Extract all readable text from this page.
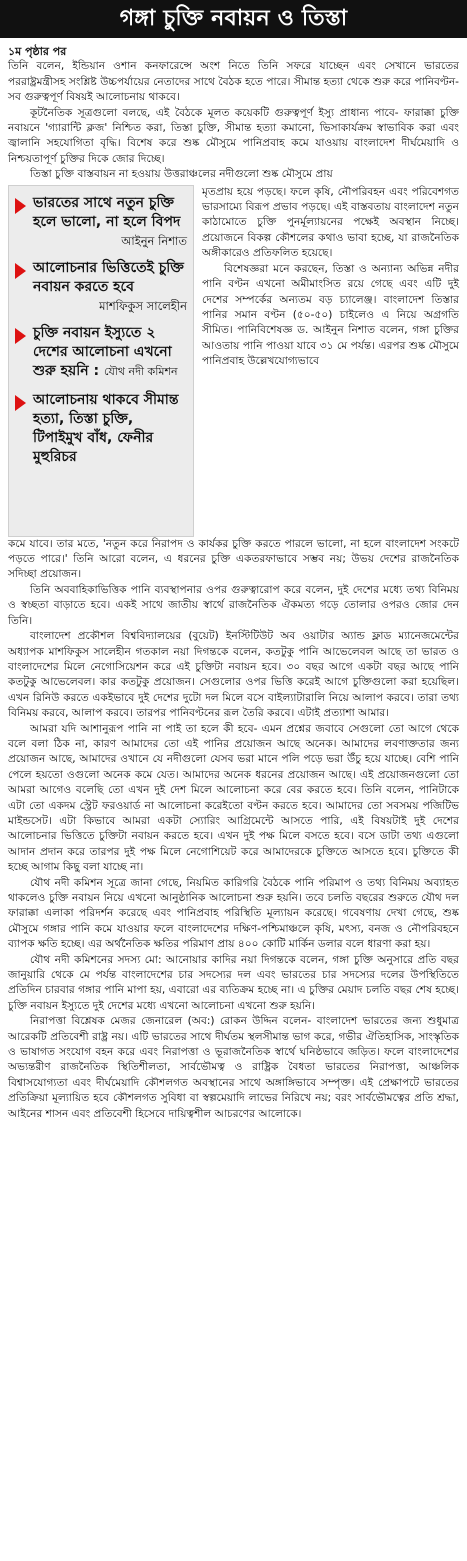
গঙ্গা চুক্তি নবায়ন ও তিস্তা
১ম পৃষ্ঠার পর

তিনি বলেন, ইন্ডিয়ান ওশান কনফারেন্সে অংশ নিতে তিনি সফরে যাচ্ছেন এবং সেখানে ভারতের পররাষ্ট্রমন্ত্রীসহ সংশ্লিষ্ট উচ্চপর্যায়ের নেতাদের সাথে বৈঠক হতে পারে। সীমান্ত হত্যা থেকে শুরু করে পানিবণ্টন- সব গুরুত্বপূর্ণ বিষয়ই আলোচনায় থাকবে।

কূটনৈতিক সূত্রগুলো বলছে, এই বৈঠকে মূলত কয়েকটি গুরুত্বপূর্ণ ইস্যু প্রাধান্য পাবে- ফারাক্কা চুক্তি নবায়নে 'গ্যারান্টি ক্লজ' নিশ্চিত করা, তিস্তা চুক্তি, সীমান্ত হত্যা কমানো, ভিসাকার্যক্রম স্বাভাবিক করা এবং জ্বালানি সহযোগিতা বৃদ্ধি। বিশেষ করে শুষ্ক মৌসুমে পানিপ্রবাহ কমে যাওয়ায় বাংলাদেশ দীর্ঘমেয়াদি ও নিশ্চয়তাপূর্ণ চুক্তির দিকে জোর দিচ্ছে।

তিস্তা চুক্তি বাস্তবায়ন না হওয়ায় উত্তরাঞ্চলের নদীগুলো শুষ্ক মৌসুমে প্রায়

ভারতের সাথে নতুন চুক্তি হলে ভালো, না হলে বিপদ
আইনুন নিশাত
আলোচনার ভিত্তিতেই চুক্তি নবায়ন করতে হবে
মাশফিকুস সালেহীন
চুক্তি নবায়ন ইস্যুতে ২ দেশের আলোচনা এখনো শুরু হয়নি : যৌথ নদী কমিশন
আলোচনায় থাকবে সীমান্ত হত্যা, তিস্তা চুক্তি, টিপাইমুখ বাঁধ, ফেনীর মুহুরিচর

মৃতপ্রায় হয়ে পড়ছে। ফলে কৃষি, নৌপরিবহন এবং পরিবেশগত ভারসাম্যে বিরূপ প্রভাব পড়ছে। এই বাস্তবতায় বাংলাদেশ নতুন কাঠামোতে চুক্তি পুনর্মূল্যায়নের পক্ষেই অবস্থান নিচ্ছে। প্রয়োজনে বিকল্প কৌশলের কথাও ভাবা হচ্ছে, যা রাজনৈতিক অঙ্গীকারেও প্রতিফলিত হয়েছে।

বিশেষজ্ঞরা মনে করছেন, তিস্তা ও অন্যান্য অভিন্ন নদীর পানি বণ্টন এখনো অমীমাংসিত রয়ে গেছে এবং এটি দুই দেশের সম্পর্কের অন্যতম বড় চ্যালেঞ্জ। বাংলাদেশ তিস্তার পানির সমান বণ্টন (৫০-৫০) চাইলেও এ নিয়ে অগ্রগতি সীমিত। পানিবিশেষজ্ঞ ড. আইনুন নিশাত বলেন, গঙ্গা চুক্তির আওতায় পানি পাওয়া যাবে ৩১ মে পর্যন্ত। এরপর শুষ্ক মৌসুমে পানিপ্রবাহ উল্লেখযোগ্যভাবে

কমে যাবে। তার মতে, 'নতুন করে নিরাপদ ও কার্যকর চুক্তি করতে পারলে ভালো, না হলে বাংলাদেশ সংকটে পড়তে পারে।' তিনি আরো বলেন, এ ধরনের চুক্তি একতরফাভাবে সম্ভব নয়; উভয় দেশের রাজনৈতিক সদিচ্ছা প্রয়োজন।

তিনি অববাহিকাভিত্তিক পানি ব্যবস্থাপনার ওপর গুরুত্বারোপ করে বলেন, দুই দেশের মধ্যে তথ্য বিনিময় ও স্বচ্ছতা বাড়াতে হবে। একই সাথে জাতীয় স্বার্থে রাজনৈতিক ঐকমত্য গড়ে তোলার ওপরও জোর দেন তিনি।

বাংলাদেশ প্রকৌশল বিশ্ববিদ্যালয়ের (বুয়েট) ইনস্টিটিউট অব ওয়াটার অ্যান্ড ফ্লাড ম্যানেজমেন্টের অধ্যাপক মাশফিকুস সালেহীন গতকাল নয়া দিগন্তকে বলেন, কতটুকু পানি আভেলেবল আছে তা ভারত ও বাংলাদেশের মিলে নেগোসিয়েশন করে এই চুক্তিটা নবায়ন হবে। ৩০ বছর আগে একটা বছর আছে পানি কতটুকু আভেলেবল। কার কতটুকু প্রয়োজন। সেগুলোর ওপর ভিত্তি করেই আগে চুক্তিগুলো করা হয়েছিল। এখন রিনিউ করতে একইভাবে দুই দেশের দুটো দল মিলে বসে বাইল্যাটারালি নিয়ে আলাপ করবে। তারা তথ্য বিনিময় করবে, আলাপ করবে। তারপর পানিবণ্টনের রূল তৈরি করবে। এটাই প্রত্যাশা আমার।

আমরা যদি আশানুরূপ পানি না পাই তা হলে কী হবে- এমন প্রশ্নের জবাবে সেগুলো তো আগে থেকে বলে বলা ঠিক না, কারণ আমাদের তো এই পানির প্রয়োজন আছে অনেক। আমাদের লবণাক্ততার জন্য প্রয়োজন আছে, আমাদের ওখানে যে নদীগুলো যেসব ভরা মানে পলি পড়ে ভরা উঁচু হয়ে যাচ্ছে। বেশি পানি পেলে হয়তো ওগুলো অনেক কমে যেত। আমাদের অনেক ধরনের প্রয়োজন আছে। এই প্রয়োজনগুলো তো আমরা আগেও বলেছি তো এখন দুই দেশ মিলে আলোচনা করে বের করতে হবে। তিনি বলেন, পানিটাকে এটা তো একদম স্ট্রেট ফরওয়ার্ড না আলোচনা করেইতো বণ্টন করতে হবে। আমাদের তো সবসময় পজিটিভ মাইন্ডসেট। এটা কিভাবে আমরা একটা স্যোরিং আগ্রিমেন্টে আসতে পারি, এই বিষয়টাই দুই দেশের আলোচনার ভিত্তিতে চুক্তিটা নবায়ন করতে হবে। এখন দুই পক্ষ মিলে বসতে হবে। বসে ডাটা তথ্য এগুলো আদান প্রদান করে তারপর দুই পক্ষ মিলে নেগোশিয়েট করে আমাদেরকে চুক্তিতে আসতে হবে। চুক্তিতে কী হচ্ছে আগাম কিছু বলা যাচ্ছে না।

যৌথ নদী কমিশন সূত্রে জানা গেছে, নিয়মিত কারিগরি বৈঠকে পানি পরিমাপ ও তথ্য বিনিময় অব্যাহত থাকলেও চুক্তি নবায়ন নিয়ে এখনো আনুষ্ঠানিক আলোচনা শুরু হয়নি। তবে চলতি বছরের শুরুতে যৌথ দল ফারাক্কা এলাকা পরিদর্শন করেছে এবং পানিপ্রবাহ পরিস্থিতি মূল্যায়ন করেছে। গবেষণায় দেখা গেছে, শুষ্ক মৌসুমে গঙ্গার পানি কমে যাওয়ার ফলে বাংলাদেশের দক্ষিণ-পশ্চিমাঞ্চলে কৃষি, মৎস্য, বনজ ও নৌপরিবহনে ব্যাপক ক্ষতি হচ্ছে। এর অর্থনৈতিক ক্ষতির পরিমাণ প্রায় ৪০০ কোটি মার্কিন ডলার বলে ধারণা করা হয়।

যৌথ নদী কমিশনের সদস্য মো: আনোয়ার কাদির নয়া দিগন্তকে বলেন, গঙ্গা চুক্তি অনুসারে প্রতি বছর জানুয়ারি থেকে মে পর্যন্ত বাংলাদেশের চার সদস্যের দল এবং ভারতের চার সদস্যের দলের উপস্থিতিতে প্রতিদিন চারবার গঙ্গার পানি মাপা হয়, এবারো এর ব্যতিক্রম হচ্ছে না। এ চুক্তির মেয়াদ চলতি বছর শেষ হচ্ছে। চুক্তি নবায়ন ইস্যুতে দুই দেশের মধ্যে এখনো আলোচনা এখনো শুরু হয়নি।

নিরাপত্তা বিশ্লেষক মেজর জেনারেল (অব:) রোকন উদ্দিন বলেন- বাংলাদেশ ভারতের জন্য শুধুমাত্র আরেকটি প্রতিবেশী রাষ্ট্র নয়। এটি ভারতের সাথে দীর্ঘতম স্থলসীমান্ত ভাগ করে, গভীর ঐতিহাসিক, সাংস্কৃতিক ও ভাষাগত সংযোগ বহন করে এবং নিরাপত্তা ও ভূরাজনৈতিক স্বার্থে ঘনিষ্ঠভাবে জড়িত। ফলে বাংলাদেশের অভ্যন্তরীণ রাজনৈতিক স্থিতিশীলতা, সার্বভৌমত্ব ও রাষ্ট্রিক বৈধতা ভারতের নিরাপত্তা, আঞ্চলিক বিশ্বাসযোগ্যতা এবং দীর্ঘমেয়াদি কৌশলগত অবস্থানের সাথে অঙ্গাঙ্গিভাবে সম্পৃক্ত। এই প্রেক্ষাপটে ভারতের প্রতিক্রিয়া মূল্যায়িত হবে কৌশলগত সুবিধা বা স্বল্পমেয়াদি লাভের নিরিখে নয়; বরং সার্বভৌমত্বের প্রতি শ্রদ্ধা, আইনের শাসন এবং প্রতিবেশী হিসেবে দায়িত্বশীল আচরণের আলোকে।
